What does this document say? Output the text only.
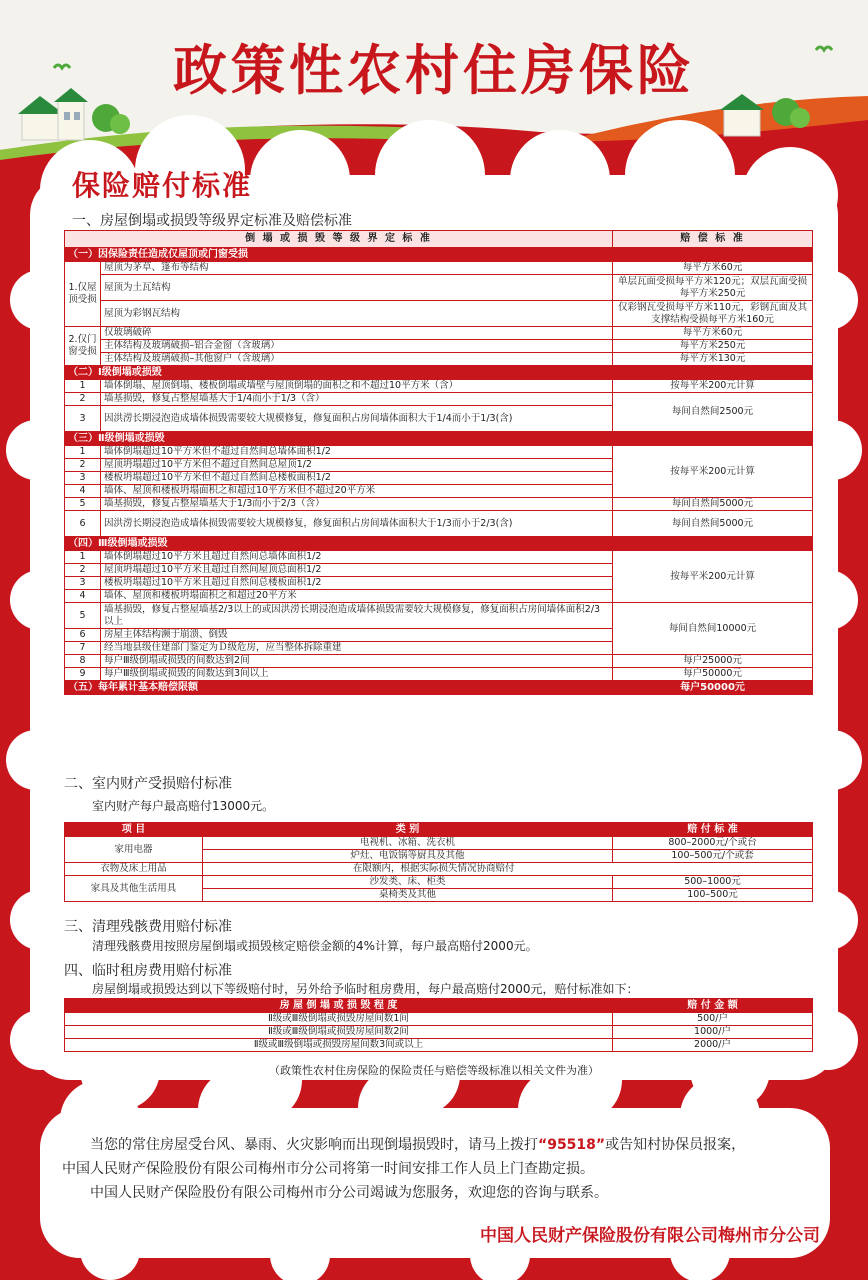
政策性农村住房保险
保险赔付标准
一、房屋倒塌或损毁等级界定标准及赔偿标准
倒 塌 或 损 毁 等 级 界 定 标 准		赔 偿 标 准
（一）因保险责任造成仅屋顶或门窗受损		
1.仅屋顶受损	屋顶为茅草、篷布等结构	每平方米60元
	屋顶为土瓦结构	单层瓦面受损每平方米120元；双层瓦面受损每平方米250元
	屋顶为彩钢瓦结构	仅彩钢瓦受损每平方米110元，彩钢瓦面及其支撑结构受损每平方米160元
2.仅门窗受损	仅玻璃破碎	每平方米60元
	主体结构及玻璃破损–铝合金窗（含玻璃）	每平方米250元
	主体结构及玻璃破损–其他窗户（含玻璃）	每平方米130元
（二）Ⅰ级倒塌或损毁		
1	墙体倒塌、屋顶倒塌、楼板倒塌或墙壁与屋顶倒塌的面积之和不超过10平方米（含）	按每平米200元计算
2	墙基损毁，修复占整屋墙基大于1/4而小于1/3（含）	每间自然间2500元
3	因洪涝长期浸泡造成墙体损毁需要较大规模修复，修复面积占房间墙体面积大于1/4而小于1/3(含)	
（三）Ⅱ级倒塌或损毁		
1	墙体倒塌超过10平方米但不超过自然间总墙体面积1/2	按每平米200元计算
2	屋顶坍塌超过10平方米但不超过自然间总屋顶1/2	
3	楼板坍塌超过10平方米但不超过自然间总楼板面积1/2	
4	墙体、屋顶和楼板坍塌面积之和超过10平方米但不超过20平方米	
5	墙基损毁，修复占整屋墙基大于1/3而小于2/3（含）	每间自然间5000元
6	因洪涝长期浸泡造成墙体损毁需要较大规模修复，修复面积占房间墙体面积大于1/3而小于2/3(含)	每间自然间5000元
（四）Ⅲ级倒塌或损毁		
1	墙体倒塌超过10平方米且超过自然间总墙体面积1/2	按每平米200元计算
2	屋顶坍塌超过10平方米且超过自然间屋顶总面积1/2	
3	楼板坍塌超过10平方米且超过自然间总楼板面积1/2	
4	墙体、屋顶和楼板坍塌面积之和超过20平方米	
5	墙基损毁，修复占整屋墙基2/3以上的或因洪涝长期浸泡造成墙体损毁需要较大规模修复，修复面积占房间墙体面积2/3以上	每间自然间10000元
6	房屋主体结构濒于崩溃、倒毁	
7	经当地县级住建部门鉴定为Ｄ级危房，应当整体拆除重建	
8	每户Ⅲ级倒塌或损毁的间数达到2间	每户25000元
9	每户Ⅲ级倒塌或损毁的间数达到3间以上	每户50000元
（五）每年累计基本赔偿限额		每户50000元
二、室内财产受损赔付标准
室内财产每户最高赔付13000元。
项 目	类 别	赔 付 标 准
家用电器	电视机、冰箱、洗衣机	800–2000元/个或台
	炉灶、电饭锅等厨具及其他	100–500元/个或套
衣物及床上用品	在限额内，根据实际损失情况协商赔付	
家具及其他生活用具	沙发类、床、柜类	500–1000元
	桌椅类及其他	100–500元
三、清理残骸费用赔付标准
清理残骸费用按照房屋倒塌或损毁核定赔偿金额的4%计算，每户最高赔付2000元。
四、临时租房费用赔付标准
房屋倒塌或损毁达到以下等级赔付时，另外给予临时租房费用，每户最高赔付2000元，赔付标准如下：
房 屋 倒 塌 或 损 毁 程 度	赔 付 金 额
Ⅱ级或Ⅲ级倒塌或损毁房屋间数1间	500/户
Ⅱ级或Ⅲ级倒塌或损毁房屋间数2间	1000/户
Ⅱ级或Ⅲ级倒塌或损毁房屋间数3间或以上	2000/户
（政策性农村住房保险的保险责任与赔偿等级标准以相关文件为准）
当您的常住房屋受台风、暴雨、火灾影响而出现倒塌损毁时，请马上拨打“95518”或告知村协保员报案，
中国人民财产保险股份有限公司梅州市分公司将第一时间安排工作人员上门查勘定损。
中国人民财产保险股份有限公司梅州市分公司竭诚为您服务，欢迎您的咨询与联系。
中国人民财产保险股份有限公司梅州市分公司
